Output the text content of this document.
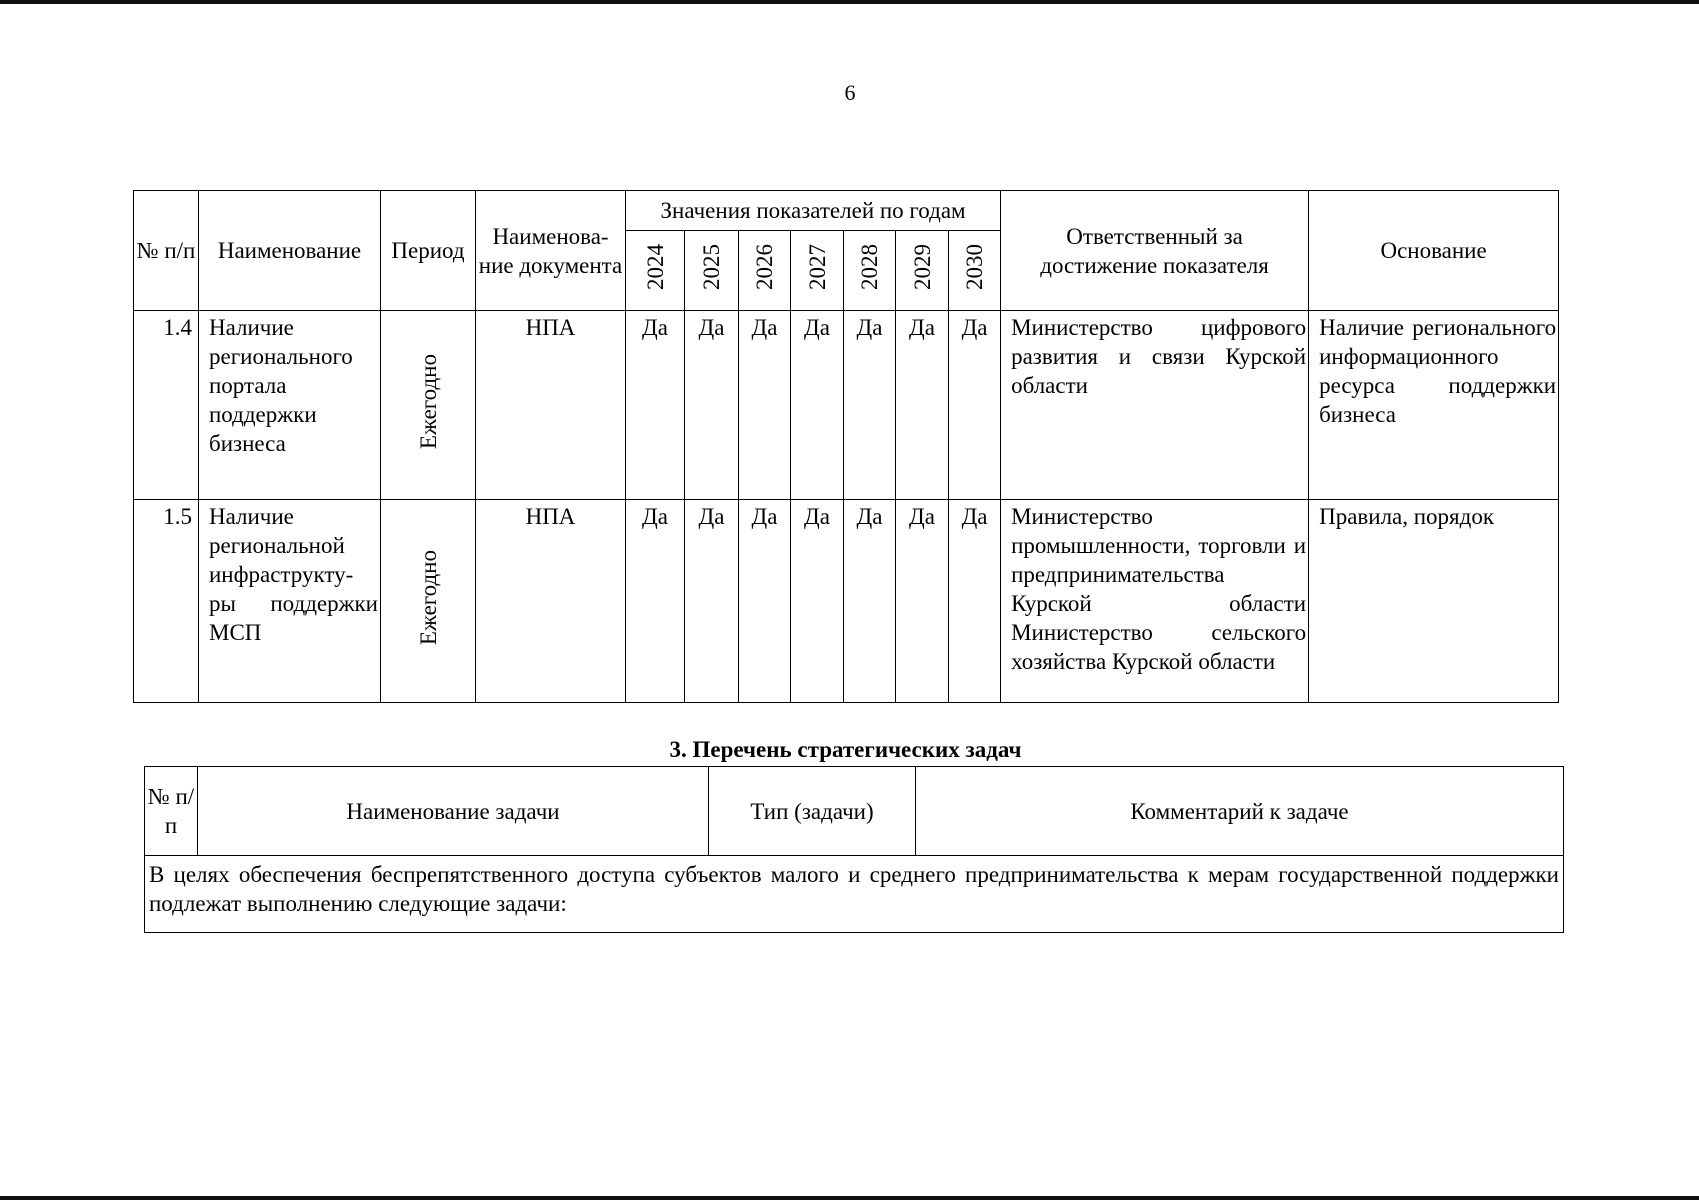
6
№ п/п	Наименование	Период	Наименова-ние документа	Значения показателей по годам							Ответственный за достижение показателя	Основание
				2024	2025	2026	2027	2028	2029	2030		
1.4	Наличие регионального портала поддержки бизнеса	Ежегодно	НПА	Да	Да	Да	Да	Да	Да	Да	Министерство цифрового развития и связи Курской области	Наличие регионального информационного ресурса поддержки бизнеса
1.5	Наличие региональной инфраструкту-ры поддержки МСП	Ежегодно	НПА	Да	Да	Да	Да	Да	Да	Да	Министерство промышленности, торговли и предпринимательства Курской области Министерство сельского хозяйства Курской области	Правила, порядок
3. Перечень стратегических задач
№ п/п	Наименование задачи	Тип (задачи)	Комментарий к задаче
В целях обеспечения беспрепятственного доступа субъектов малого и среднего предпринимательства к мерам государственной поддержки подлежат выполнению следующие задачи:
